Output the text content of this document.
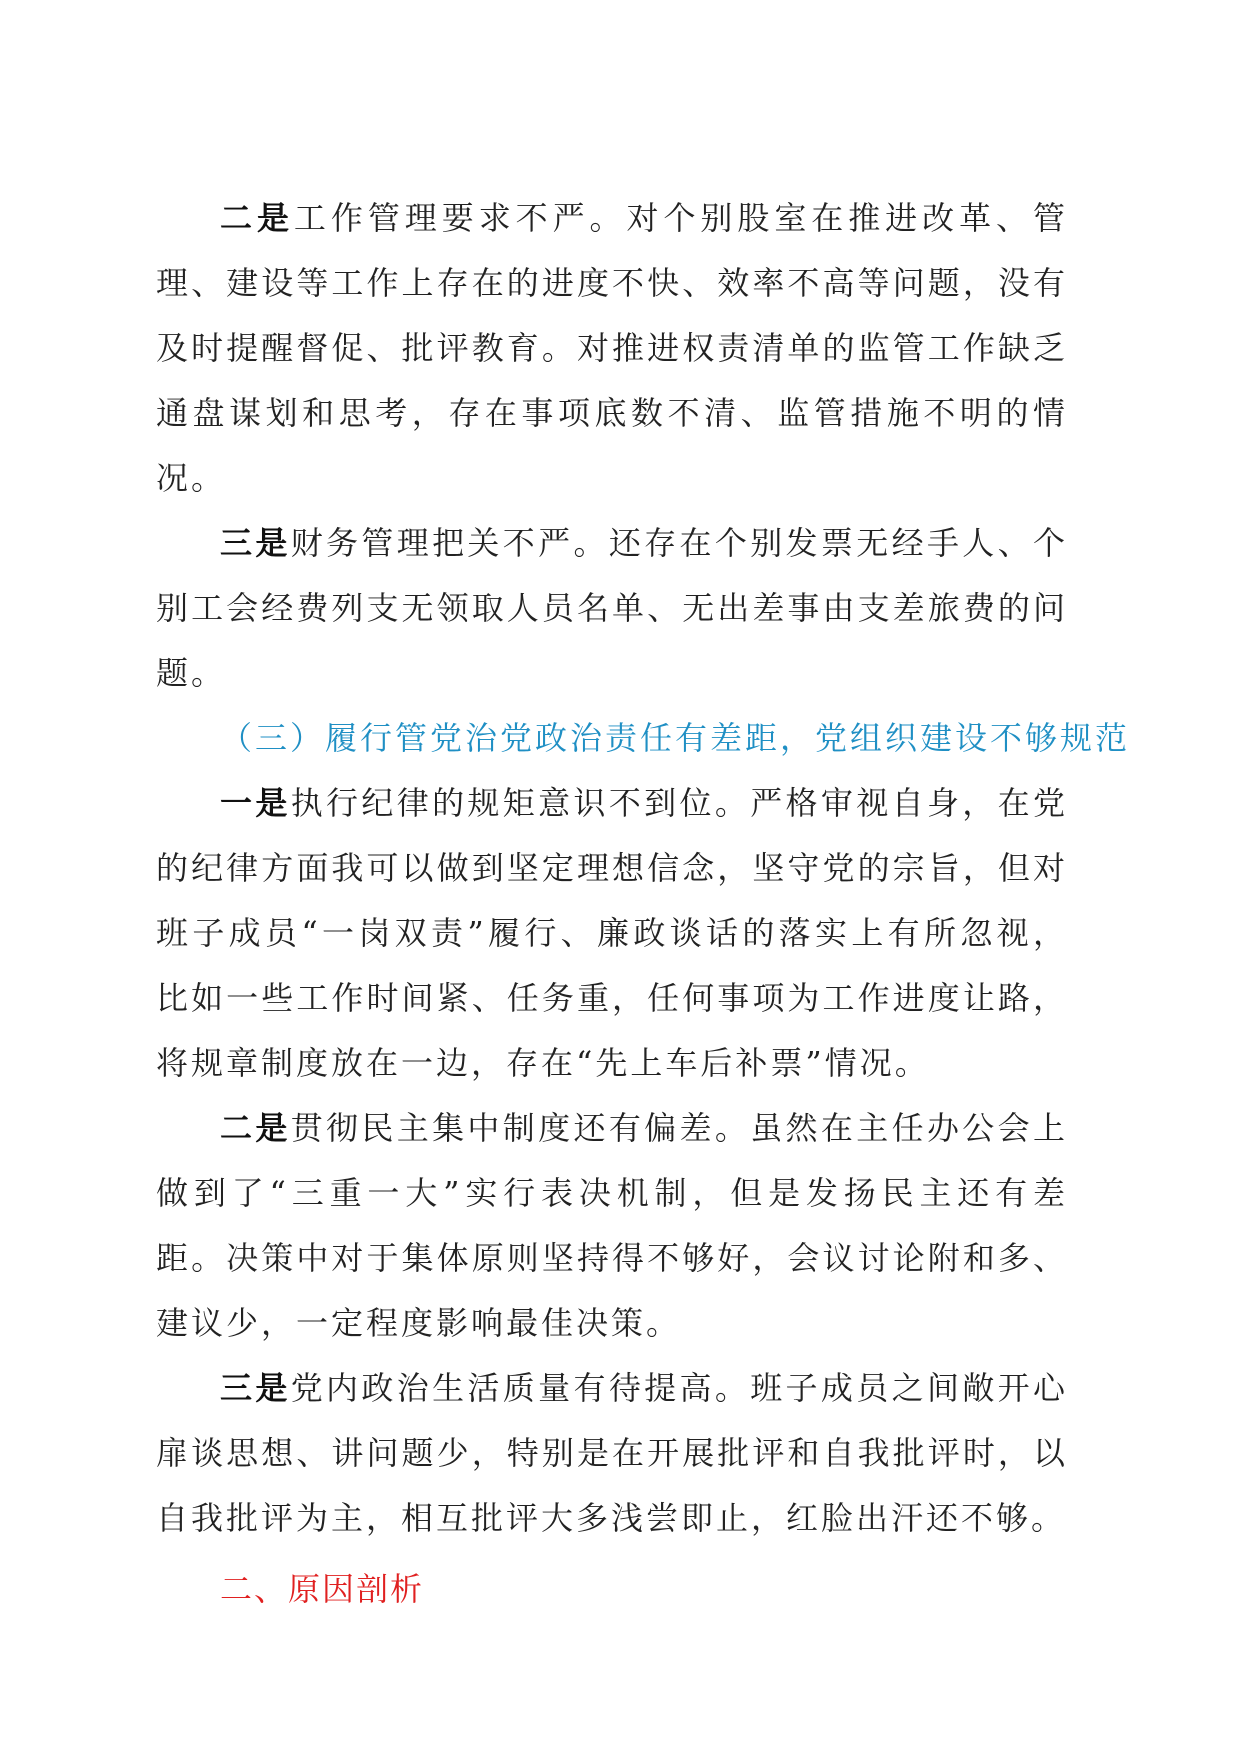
二是工作管理要求不严。对个别股室在推进改革、管理、建设等工作上存在的进度不快、效率不高等问题，没有及时提醒督促、批评教育。对推进权责清单的监管工作缺乏通盘谋划和思考，存在事项底数不清、监管措施不明的情况。

三是财务管理把关不严。还存在个别发票无经手人、个别工会经费列支无领取人员名单、无出差事由支差旅费的问题。

（三）履行管党治党政治责任有差距，党组织建设不够规范

一是执行纪律的规矩意识不到位。严格审视自身，在党的纪律方面我可以做到坚定理想信念，坚守党的宗旨，但对班子成员“一岗双责”履行、廉政谈话的落实上有所忽视，比如一些工作时间紧、任务重，任何事项为工作进度让路，将规章制度放在一边，存在“先上车后补票”情况。

二是贯彻民主集中制度还有偏差。虽然在主任办公会上做到了“三重一大”实行表决机制，但是发扬民主还有差距。决策中对于集体原则坚持得不够好，会议讨论附和多、建议少，一定程度影响最佳决策。

三是党内政治生活质量有待提高。班子成员之间敞开心扉谈思想、讲问题少，特别是在开展批评和自我批评时，以自我批评为主，相互批评大多浅尝即止，红脸出汗还不够。

二、原因剖析
